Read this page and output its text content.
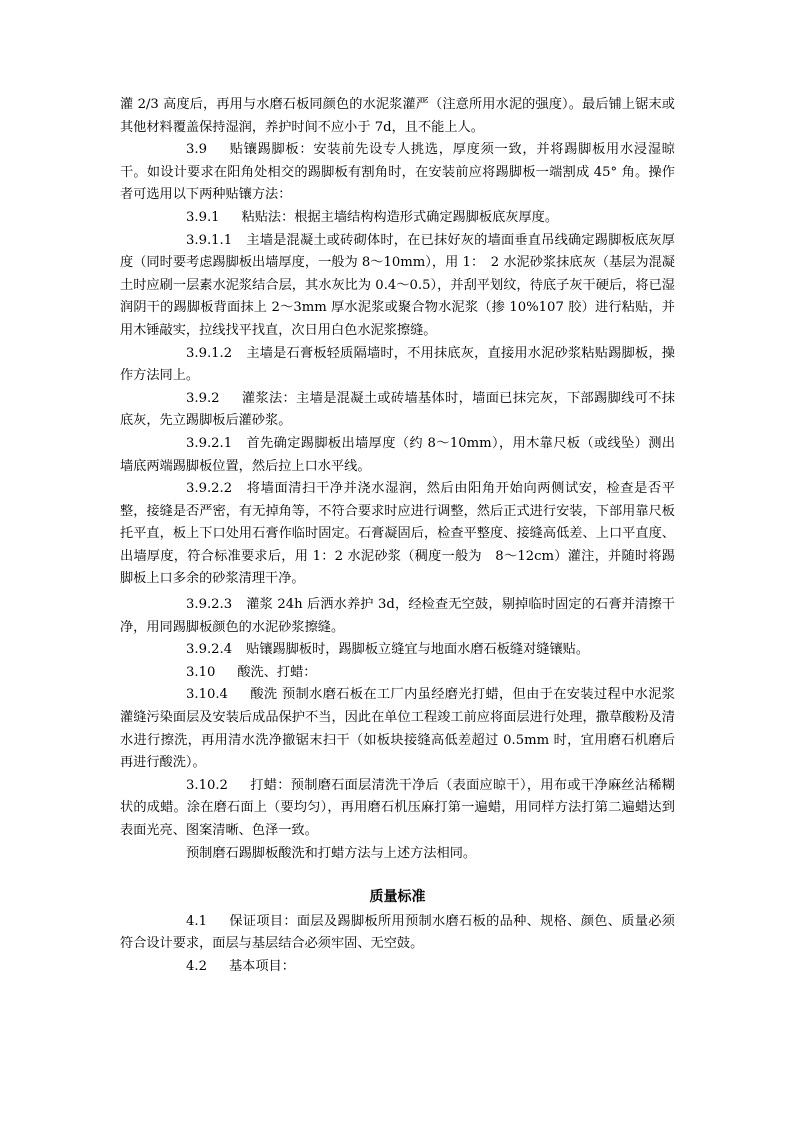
灌 2/3 高度后，再用与水磨石板同颜色的水泥浆灌严（注意所用水泥的强度）。最后铺上锯末或其他材料覆盖保持湿润，养护时间不应小于 7d，且不能上人。

3.9 贴镶踢脚板：安装前先设专人挑选，厚度须一致，并将踢脚板用水浸湿晾干。如设计要求在阳角处相交的踢脚板有割角时，在安装前应将踢脚板一端割成 45° 角。操作者可选用以下两种贴镶方法：

3.9.1 粘贴法：根据主墙结构构造形式确定踢脚板底灰厚度。

3.9.1.1 主墙是混凝土或砖砌体时，在已抹好灰的墙面垂直吊线确定踢脚板底灰厚度（同时要考虑踢脚板出墙厚度，一般为 8～10mm），用 1：　2 水泥砂浆抹底灰（基层为混凝土时应刷一层素水泥浆结合层，其水灰比为 0.4～0.5），并刮平划纹，待底子灰干硬后，将已湿润阴干的踢脚板背面抹上 2～3mm 厚水泥浆或聚合物水泥浆（掺 10%107 胶）进行粘贴，并用木锤敲实，拉线找平找直，次日用白色水泥浆擦缝。

3.9.1.2 主墙是石膏板轻质隔墙时，不用抹底灰，直接用水泥砂浆粘贴踢脚板，操作方法同上。

3.9.2 灌浆法：主墙是混凝土或砖墙基体时，墙面已抹完灰，下部踢脚线可不抹底灰，先立踢脚板后灌砂浆。

3.9.2.1 首先确定踢脚板出墙厚度（约 8～10mm），用木靠尺板（或线坠）测出墙底两端踢脚板位置，然后拉上口水平线。

3.9.2.2 将墙面清扫干净并浇水湿润，然后由阳角开始向两侧试安，检查是否平整，接缝是否严密，有无掉角等，不符合要求时应进行调整，然后正式进行安装，下部用靠尺板托平直，板上下口处用石膏作临时固定。石膏凝固后，检查平整度、接缝高低差、上口平直度、出墙厚度，符合标准要求后，用 1：2 水泥砂浆（稠度一般为　8～12cm）灌注，并随时将踢脚板上口多余的砂浆清理干净。

3.9.2.3 灌浆 24h 后洒水养护 3d，经检查无空鼓，剔掉临时固定的石膏并清擦干净，用同踢脚板颜色的水泥砂浆擦缝。

3.9.2.4 贴镶踢脚板时，踢脚板立缝宜与地面水磨石板缝对缝镶贴。

3.10 酸洗、打蜡：

3.10.4 酸洗 预制水磨石板在工厂内虽经磨光打蜡，但由于在安装过程中水泥浆灌缝污染面层及安装后成品保护不当，因此在单位工程竣工前应将面层进行处理，撒草酸粉及清水进行擦洗，再用清水洗净撤锯末扫干（如板块接缝高低差超过 0.5mm 时，宜用磨石机磨后再进行酸洗）。

3.10.2 打蜡：预制磨石面层清洗干净后（表面应晾干），用布或干净麻丝沾稀糊状的成蜡。涂在磨石面上（要均匀），再用磨石机压麻打第一遍蜡，用同样方法打第二遍蜡达到表面光亮、图案清晰、色泽一致。

预制磨石踢脚板酸洗和打蜡方法与上述方法相同。

质量标准

4.1 保证项目：面层及踢脚板所用预制水磨石板的品种、规格、颜色、质量必须符合设计要求，面层与基层结合必须牢固、无空鼓。

4.2 基本项目：
